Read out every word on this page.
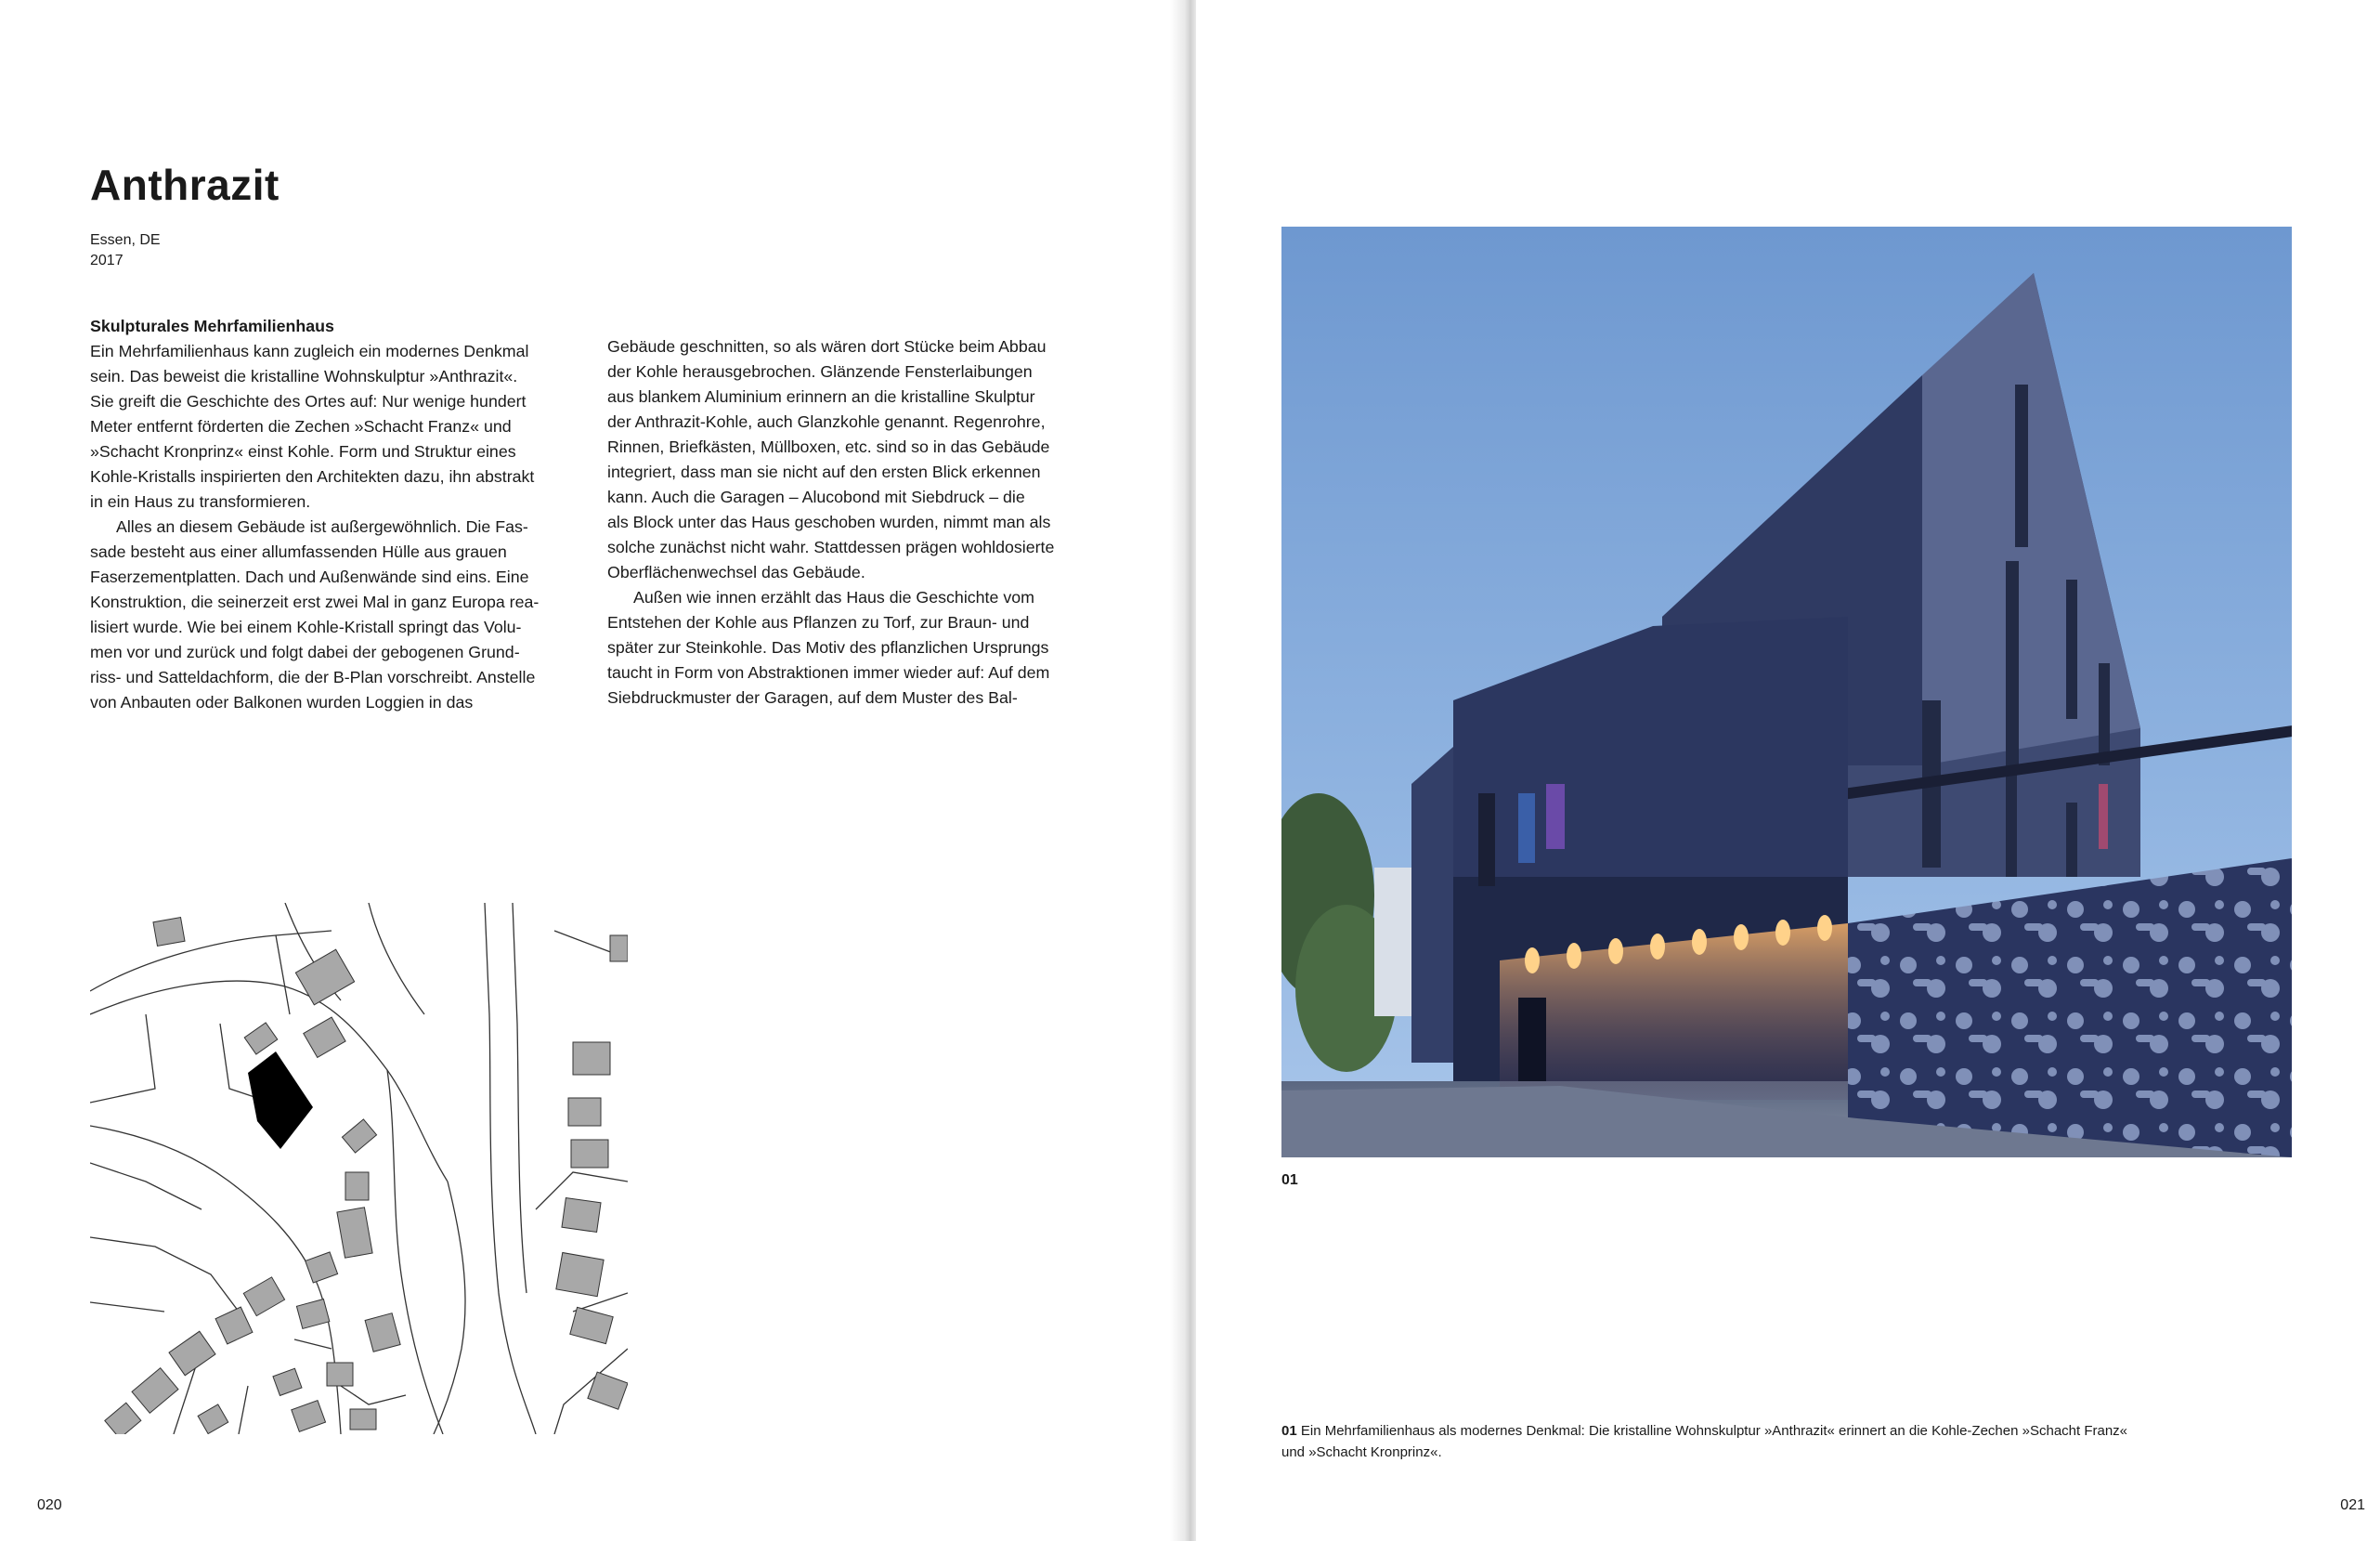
Anthrazit
Essen, DE
2017

Skulpturales Mehrfamilienhaus

Ein Mehrfamilienhaus kann zugleich ein modernes Denkmal

sein. Das beweist die kristalline Wohnskulptur »Anthrazit«.

Sie greift die Geschichte des Ortes auf: Nur wenige hundert

Meter entfernt förderten die Zechen »Schacht Franz« und

»Schacht Kronprinz« einst Kohle. Form und Struktur eines

Kohle-Kristalls inspirierten den Architekten dazu, ihn abstrakt

in ein Haus zu transformieren.

Alles an diesem Gebäude ist außergewöhnlich. Die Fas-

sade besteht aus einer allumfassenden Hülle aus grauen

Faserzementplatten. Dach und Außenwände sind eins. Eine

Konstruktion, die seinerzeit erst zwei Mal in ganz Europa rea-

lisiert wurde. Wie bei einem Kohle-Kristall springt das Volu-

men vor und zurück und folgt dabei der gebogenen Grund-

riss- und Satteldachform, die der B-Plan vorschreibt. Anstelle

von Anbauten oder Balkonen wurden Loggien in das

Gebäude geschnitten, so als wären dort Stücke beim Abbau

der Kohle herausgebrochen. Glänzende Fensterlaibungen

aus blankem Aluminium erinnern an die kristalline Skulptur

der Anthrazit-Kohle, auch Glanzkohle genannt. Regenrohre,

Rinnen, Briefkästen, Müllboxen, etc. sind so in das Gebäude

integriert, dass man sie nicht auf den ersten Blick erkennen

kann. Auch die Garagen – Alucobond mit Siebdruck – die

als Block unter das Haus geschoben wurden, nimmt man als

solche zunächst nicht wahr. Stattdessen prägen wohldosierte

Oberflächenwechsel das Gebäude.

Außen wie innen erzählt das Haus die Geschichte vom

Entstehen der Kohle aus Pflanzen zu Torf, zur Braun- und

später zur Steinkohle. Das Motiv des pflanzlichen Ursprungs

taucht in Form von Abstraktionen immer wieder auf: Auf dem

Siebdruckmuster der Garagen, auf dem Muster des Bal-

020
01

01 Ein Mehrfamilienhaus als modernes Denkmal: Die kristalline Wohnskulptur »Anthrazit« erinnert an die Kohle-Zechen »Schacht Franz«

und »Schacht Kronprinz«.

021
